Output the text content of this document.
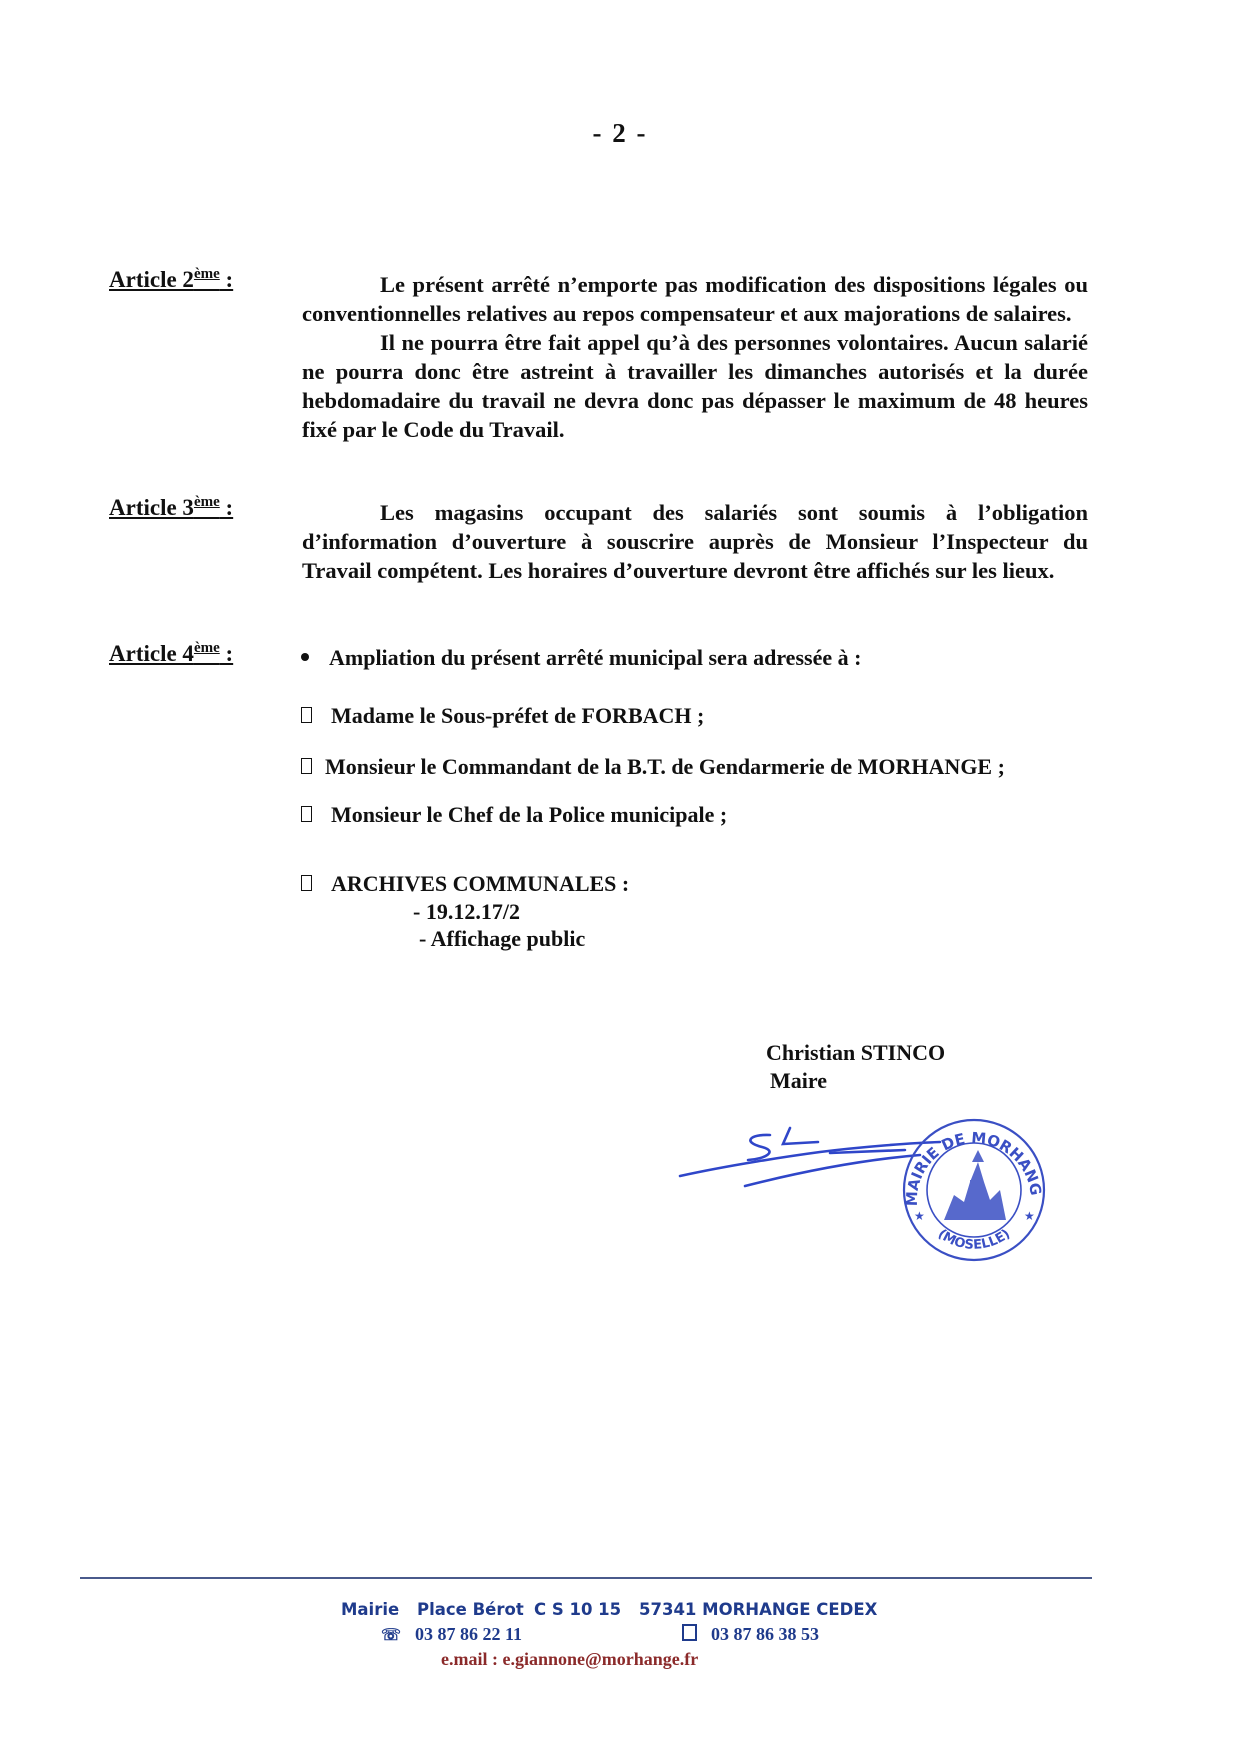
- 2 -
Article 2ème :	Le présent arrêté n’emporte pas modification des dispositions légales ou conventionnelles relatives au repos compensateur et aux majorations de salaires.

Il ne pourra être fait appel qu’à des personnes volontaires. Aucun salarié ne pourra donc être astreint à travailler les dimanches autorisés et la durée hebdomadaire du travail ne devra donc pas dépasser le maximum de 48 heures fixé par le Code du Travail.

Article 3ème :	Les magasins occupant des salariés sont soumis à l’obligation d’information d’ouverture à souscrire auprès de Monsieur l’Inspecteur du Travail compétent. Les horaires d’ouverture devront être affichés sur les lieux.

Article 4ème :	Ampliation du présent arrêté municipal sera adressée à :
Madame le Sous-préfet de FORBACH ;
Monsieur le Commandant de la B.T. de Gendarmerie de MORHANGE ;
Monsieur le Chef de la Police municipale ;
ARCHIVES COMMUNALES :
- 19.12.17/2
- Affichage public
Christian STINCO
Maire
MAIRIE DE MORHANG
(MOSELLE)
★	★
Mairie Place Bérot C S 10 15 57341 MORHANGE CEDEX
☏ 03 87 86 22 11	03 87 86 38 53
e.mail : e.giannone@morhange.fr
